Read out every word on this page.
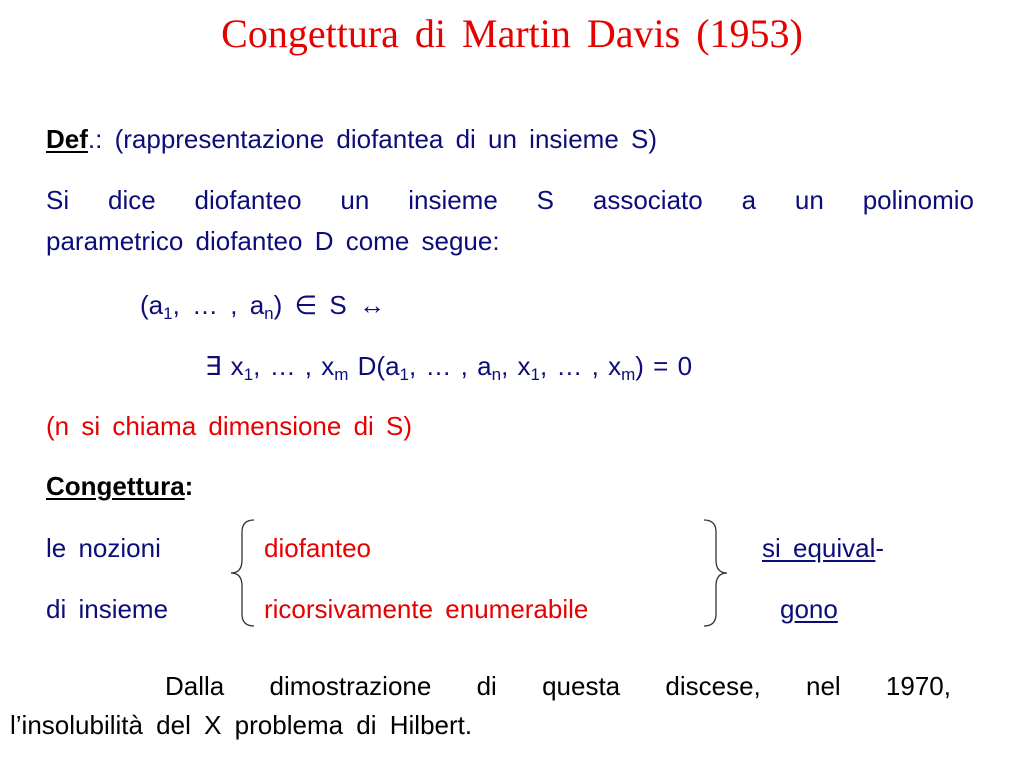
Congettura di Martin Davis (1953)
Def.: (rappresentazione diofantea di un insieme S)
Si dice diofanteo un insieme S associato a un polinomio
parametrico diofanteo D come segue:
($a_1$, … , $a_n$) ∈ S ↔
∃ $x_1$, … , $x_m$ $D(a_1$, … , $a_n$, $x_1$, … , $x_m) = 0$
(n si chiama dimensione di S)
Congettura:
le nozioni	diofanteo	si equival-
di insieme	ricorsivamente enumerabile	gono
Dalla dimostrazione di questa discese, nel 1970,
l’insolubilità del X problema di Hilbert.
